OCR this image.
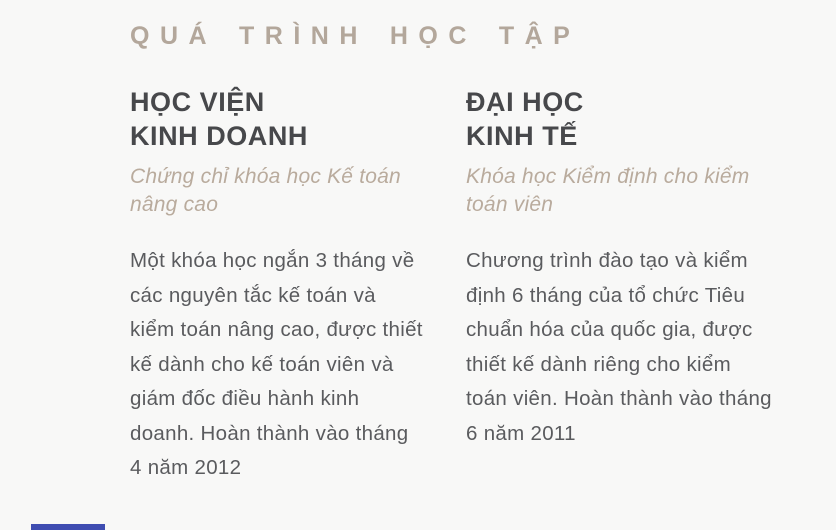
QUÁ TRÌNH HỌC TẬP
HỌC VIỆN
KINH DOANH

Chứng chỉ khóa học Kế toán nâng cao

Một khóa học ngắn 3 tháng về các nguyên tắc kế toán và kiểm toán nâng cao, được thiết kế dành cho kế toán viên và giám đốc điều hành kinh doanh. Hoàn thành vào tháng 4 năm 2012

ĐẠI HỌC
KINH TẾ

Khóa học Kiểm định cho kiểm toán viên

Chương trình đào tạo và kiểm định 6 tháng của tổ chức Tiêu chuẩn hóa của quốc gia, được thiết kế dành riêng cho kiểm toán viên. Hoàn thành vào tháng 6 năm 2011
